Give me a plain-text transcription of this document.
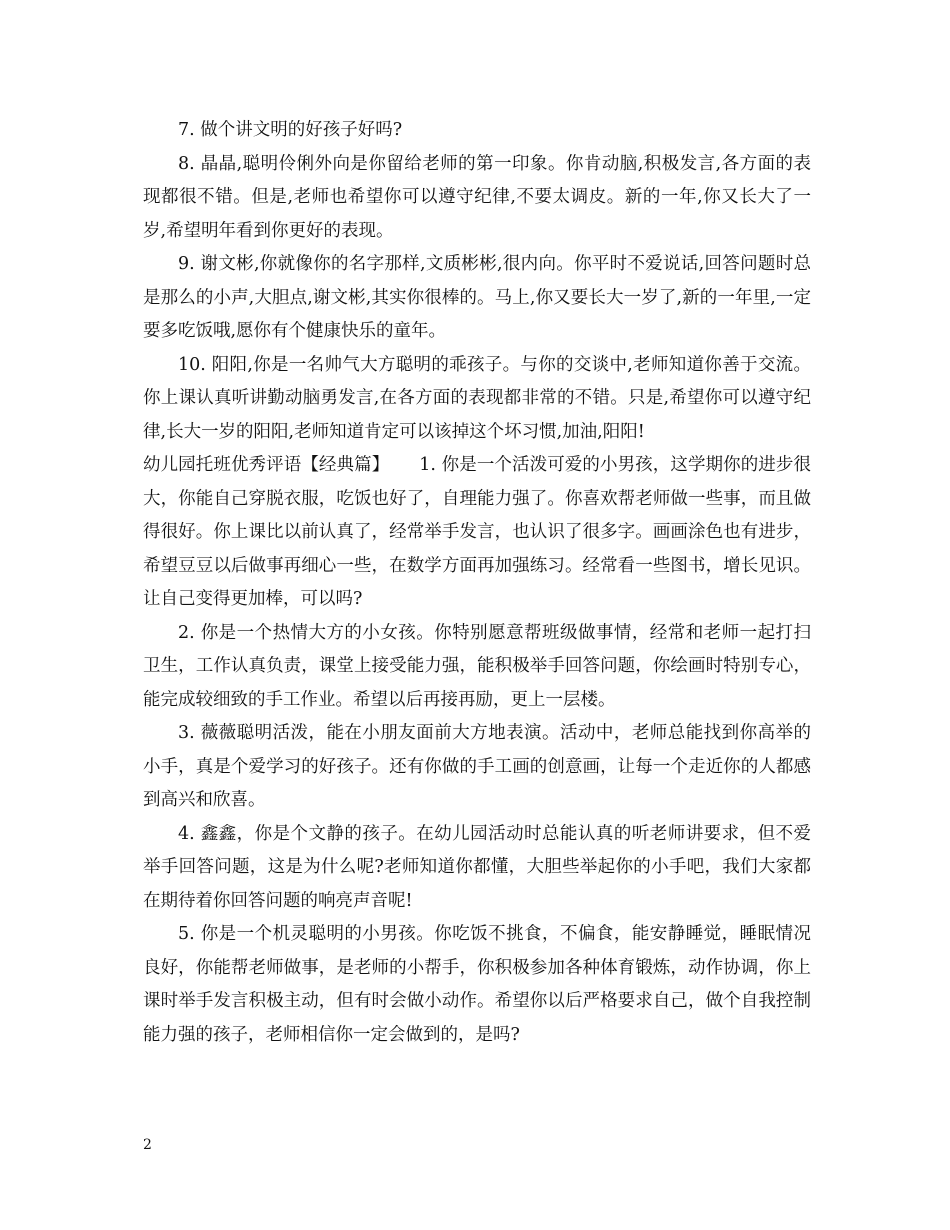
7. 做个讲文明的好孩子好吗?

8. 晶晶,聪明伶俐外向是你留给老师的第一印象。你肯动脑,积极发言,各方面的表现都很不错。但是,老师也希望你可以遵守纪律,不要太调皮。新的一年,你又长大了一岁,希望明年看到你更好的表现。

9. 谢文彬,你就像你的名字那样,文质彬彬,很内向。你平时不爱说话,回答问题时总是那么的小声,大胆点,谢文彬,其实你很棒的。马上,你又要长大一岁了,新的一年里,一定要多吃饭哦,愿你有个健康快乐的童年。

10. 阳阳,你是一名帅气大方聪明的乖孩子。与你的交谈中,老师知道你善于交流。你上课认真听讲勤动脑勇发言,在各方面的表现都非常的不错。只是,希望你可以遵守纪律,长大一岁的阳阳,老师知道肯定可以该掉这个坏习惯,加油,阳阳!

幼儿园托班优秀评语【经典篇】 1. 你是一个活泼可爱的小男孩，这学期你的进步很大，你能自己穿脱衣服，吃饭也好了，自理能力强了。你喜欢帮老师做一些事，而且做得很好。你上课比以前认真了，经常举手发言，也认识了很多字。画画涂色也有进步，希望豆豆以后做事再细心一些，在数学方面再加强练习。经常看一些图书，增长见识。让自己变得更加棒，可以吗?

2. 你是一个热情大方的小女孩。你特别愿意帮班级做事情，经常和老师一起打扫卫生，工作认真负责，课堂上接受能力强，能积极举手回答问题，你绘画时特别专心，能完成较细致的手工作业。希望以后再接再励，更上一层楼。

3. 薇薇聪明活泼，能在小朋友面前大方地表演。活动中，老师总能找到你高举的小手，真是个爱学习的好孩子。还有你做的手工画的创意画，让每一个走近你的人都感到高兴和欣喜。

4. 鑫鑫，你是个文静的孩子。在幼儿园活动时总能认真的听老师讲要求，但不爱举手回答问题，这是为什么呢?老师知道你都懂，大胆些举起你的小手吧，我们大家都在期待着你回答问题的响亮声音呢!

5. 你是一个机灵聪明的小男孩。你吃饭不挑食，不偏食，能安静睡觉，睡眠情况良好，你能帮老师做事，是老师的小帮手，你积极参加各种体育锻炼，动作协调，你上课时举手发言积极主动，但有时会做小动作。希望你以后严格要求自己，做个自我控制能力强的孩子，老师相信你一定会做到的，是吗?

2
